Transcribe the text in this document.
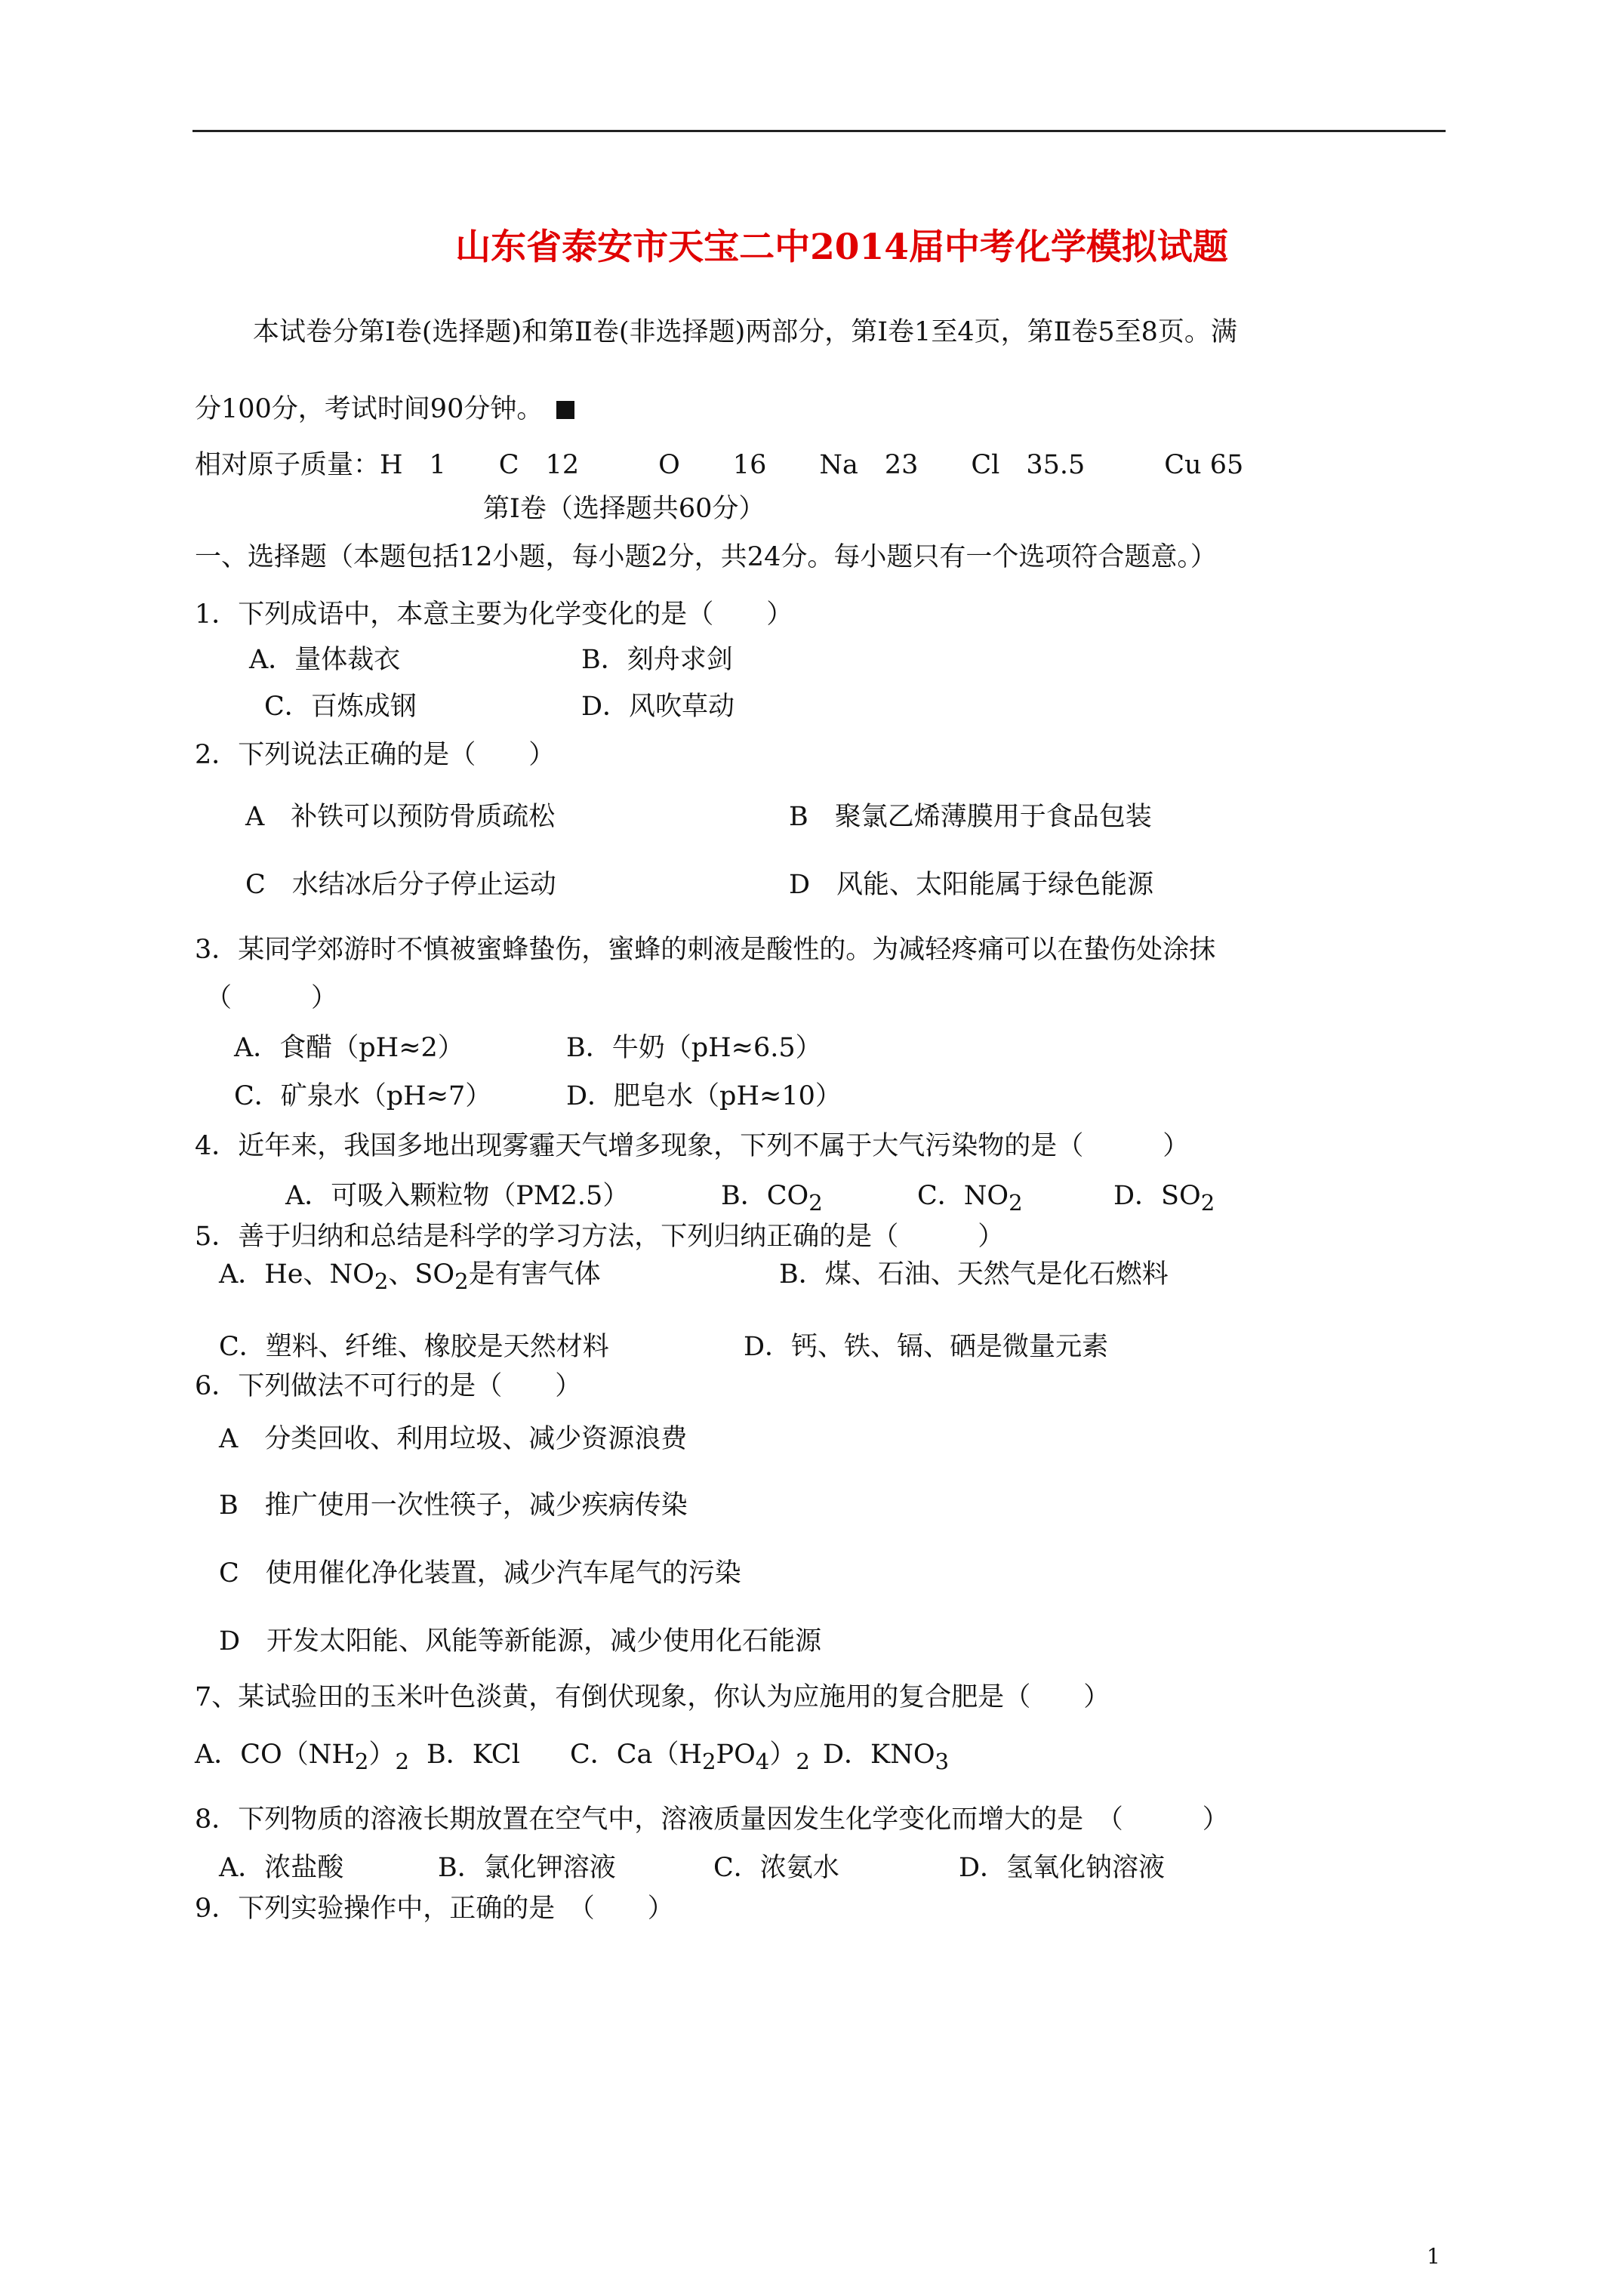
山东省泰安市天宝二中2014届中考化学模拟试题
本试卷分第Ⅰ卷(选择题)和第Ⅱ卷(非选择题)两部分，第Ⅰ卷1至4页，第Ⅱ卷5至8页。满
分100分，考试时间90分钟。
相对原子质量：H　1　　C　12　　　O　　16　　Na　23　　Cl　35.5　　　Cu 65
第Ⅰ卷（选择题共60分）
一、选择题（本题包括12小题，每小题2分，共24分。每小题只有一个选项符合题意。）
1．下列成语中，本意主要为化学变化的是（　　）
A．量体裁衣	B．刻舟求剑
C．百炼成钢	D．风吹草动
2．下列说法正确的是（　　）
A　补铁可以预防骨质疏松	B　聚氯乙烯薄膜用于食品包装
C　水结冰后分子停止运动	D　风能、太阳能属于绿色能源
3．某同学郊游时不慎被蜜蜂蛰伤，蜜蜂的刺液是酸性的。为减轻疼痛可以在蛰伤处涂抹
（　　　）
A．食醋（pH≈2）	B．牛奶（pH≈6.5）
C．矿泉水（pH≈7）	D．肥皂水（pH≈10）
4．近年来，我国多地出现雾霾天气增多现象，下列不属于大气污染物的是（　　　）
A．可吸入颗粒物（PM2.5）	B．$CO_2$	C．$NO_2$	D．$SO_2$
5．善于归纳和总结是科学的学习方法，下列归纳正确的是（　　　）
A．He、$NO_2$、$SO_2$是有害气体	B．煤、石油、天然气是化石燃料
C．塑料、纤维、橡胶是天然材料	D．钙、铁、镉、硒是微量元素
6．下列做法不可行的是（　　）
A　分类回收、利用垃圾、减少资源浪费
B　推广使用一次性筷子，减少疾病传染
C　使用催化净化装置，减少汽车尾气的污染
D　开发太阳能、风能等新能源，减少使用化石能源
7、某试验田的玉米叶色淡黄，有倒伏现象，你认为应施用的复合肥是（　　）
A．$CO(NH_2)_2$ B．KCl C．$Ca(H_2PO_4)_2$ D．$KNO_3$
8．下列物质的溶液长期放置在空气中，溶液质量因发生化学变化而增大的是　（　　　）
A．浓盐酸	B．氯化钾溶液	C．浓氨水	D．氢氧化钠溶液
9．下列实验操作中，正确的是　（　　）
1
